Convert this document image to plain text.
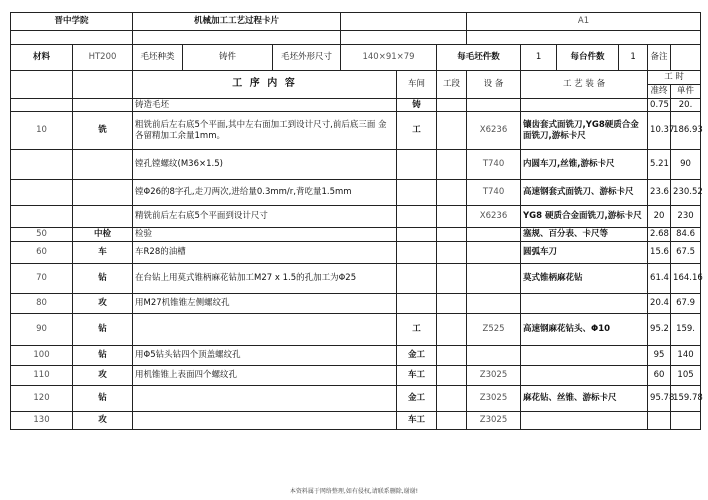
晋中学院		机械加工工艺过程卡片						A1					

材料	HT200	毛坯种类	铸件	毛坯外形尺寸	140×91×79		每毛坯件数		1	每台件数	1	备注	
		工 序 内 容				车间	工段	设 备	工 艺 装 备			工 时	
												准终	单件
		铸造毛坯				铸						0.75	20.
10	铣	粗铣前后左右底5个平面,其中左右面加工到设计尺寸,前后底三面 金各留精加工余量1mm。				工		X6236	镶齿套式面铣刀,YG8硬质合金面铣刀,游标卡尺			10.37	186.93
		镗孔镗螺纹(M36×1.5)						T740	内圆车刀,丝锥,游标卡尺			5.21	90
		镗Φ26的8字孔,走刀两次,进给量0.3mm/r,背吃量1.5mm						T740	高速钢套式面铣刀、游标卡尺			23.6	230.52
		精铣前后左右底5个平面到设计尺寸						X6236	YG8 硬质合金面铣刀,游标卡尺			20	230
50	中检	检验							塞规、百分表、卡尺等			2.68	84.6
60	车	车R28的油槽							圆弧车刀			15.6	67.5
70	钻	在台钻上用莫式锥柄麻花钻加工M27 x 1.5的孔加工为Φ25							莫式锥柄麻花钻			61.4	164.16
80	攻	用M27机锥锥左侧螺纹孔										20.4	67.9
90	钻					工		Z525	高速钢麻花钻头、Φ10			95.2	159.
100	钻	用Φ5钻头钻四个顶盖螺纹孔				金工						95	140
110	攻	用机锥锥上表面四个螺纹孔				车工		Z3025				60	105
120	钻					金工		Z3025	麻花钻、丝锥、游标卡尺			95.78	159.78
130	攻					车工		Z3025					
本资料属于网络整理,如有侵权,请联系删除,谢谢!
